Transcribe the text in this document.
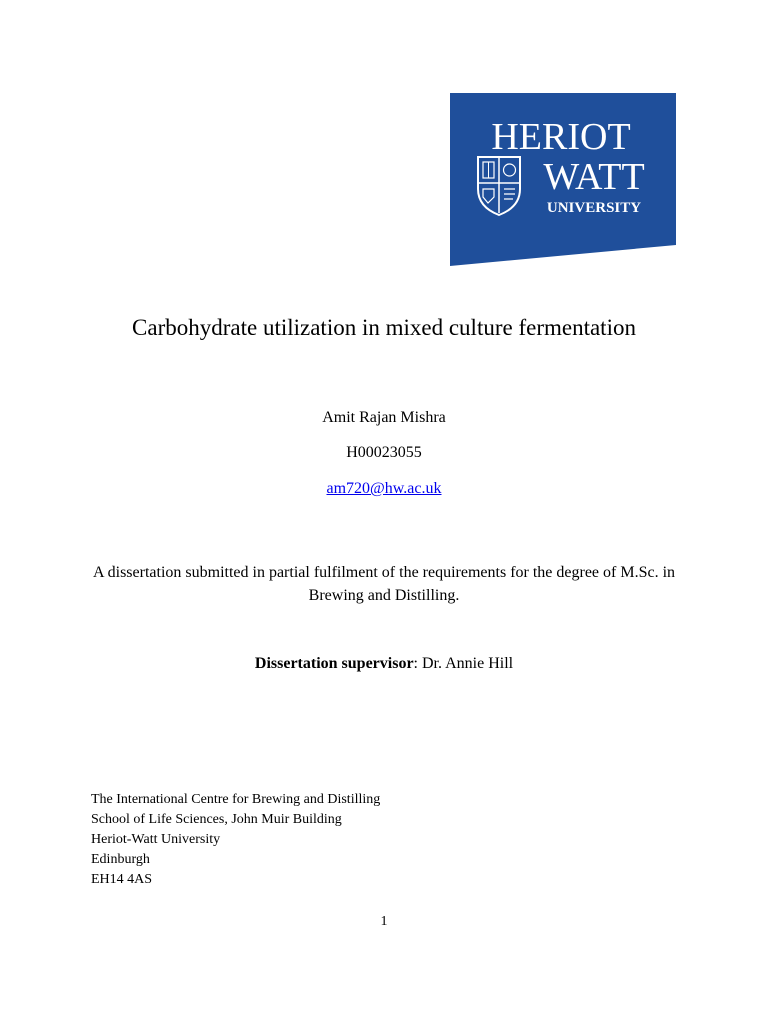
HERIOT
WATT
UNIVERSITY
Carbohydrate utilization in mixed culture fermentation
Amit Rajan Mishra
H00023055
am720@hw.ac.uk
A dissertation submitted in partial fulfilment of the requirements for the degree of M.Sc. in Brewing and Distilling.
Dissertation supervisor: Dr. Annie Hill
The International Centre for Brewing and Distilling
School of Life Sciences, John Muir Building
Heriot-Watt University
Edinburgh
EH14 4AS
1
